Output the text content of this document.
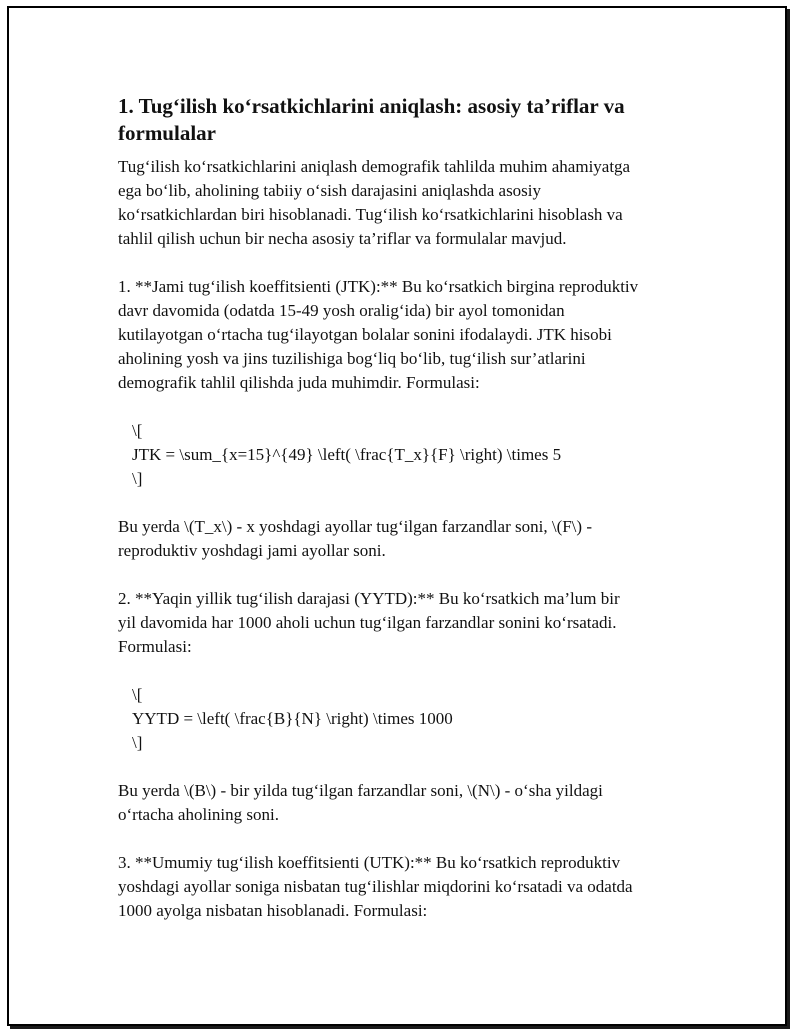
1. Tug‘ilish ko‘rsatkichlarini aniqlash: asosiy ta’riflar va
formulalar

Tug‘ilish ko‘rsatkichlarini aniqlash demografik tahlilda muhim ahamiyatga
ega bo‘lib, aholining tabiiy o‘sish darajasini aniqlashda asosiy
ko‘rsatkichlardan biri hisoblanadi. Tug‘ilish ko‘rsatkichlarini hisoblash va
tahlil qilish uchun bir necha asosiy ta’riflar va formulalar mavjud.

1. **Jami tug‘ilish koeffitsienti (JTK):** Bu ko‘rsatkich birgina reproduktiv
davr davomida (odatda 15-49 yosh oralig‘ida) bir ayol tomonidan
kutilayotgan o‘rtacha tug‘ilayotgan bolalar sonini ifodalaydi. JTK hisobi
aholining yosh va jins tuzilishiga bog‘liq bo‘lib, tug‘ilish sur’atlarini
demografik tahlil qilishda juda muhimdir. Formulasi:

\[
JTK = \sum_{x=15}^{49} \left( \frac{T_x}{F} \right) \times 5
\]

Bu yerda \(T_x\) - x yoshdagi ayollar tug‘ilgan farzandlar soni, \(F\) -
reproduktiv yoshdagi jami ayollar soni.

2. **Yaqin yillik tug‘ilish darajasi (YYTD):** Bu ko‘rsatkich ma’lum bir
yil davomida har 1000 aholi uchun tug‘ilgan farzandlar sonini ko‘rsatadi.
Formulasi:

\[
YYTD = \left( \frac{B}{N} \right) \times 1000
\]

Bu yerda \(B\) - bir yilda tug‘ilgan farzandlar soni, \(N\) - o‘sha yildagi
o‘rtacha aholining soni.

3. **Umumiy tug‘ilish koeffitsienti (UTK):** Bu ko‘rsatkich reproduktiv
yoshdagi ayollar soniga nisbatan tug‘ilishlar miqdorini ko‘rsatadi va odatda
1000 ayolga nisbatan hisoblanadi. Formulasi:
